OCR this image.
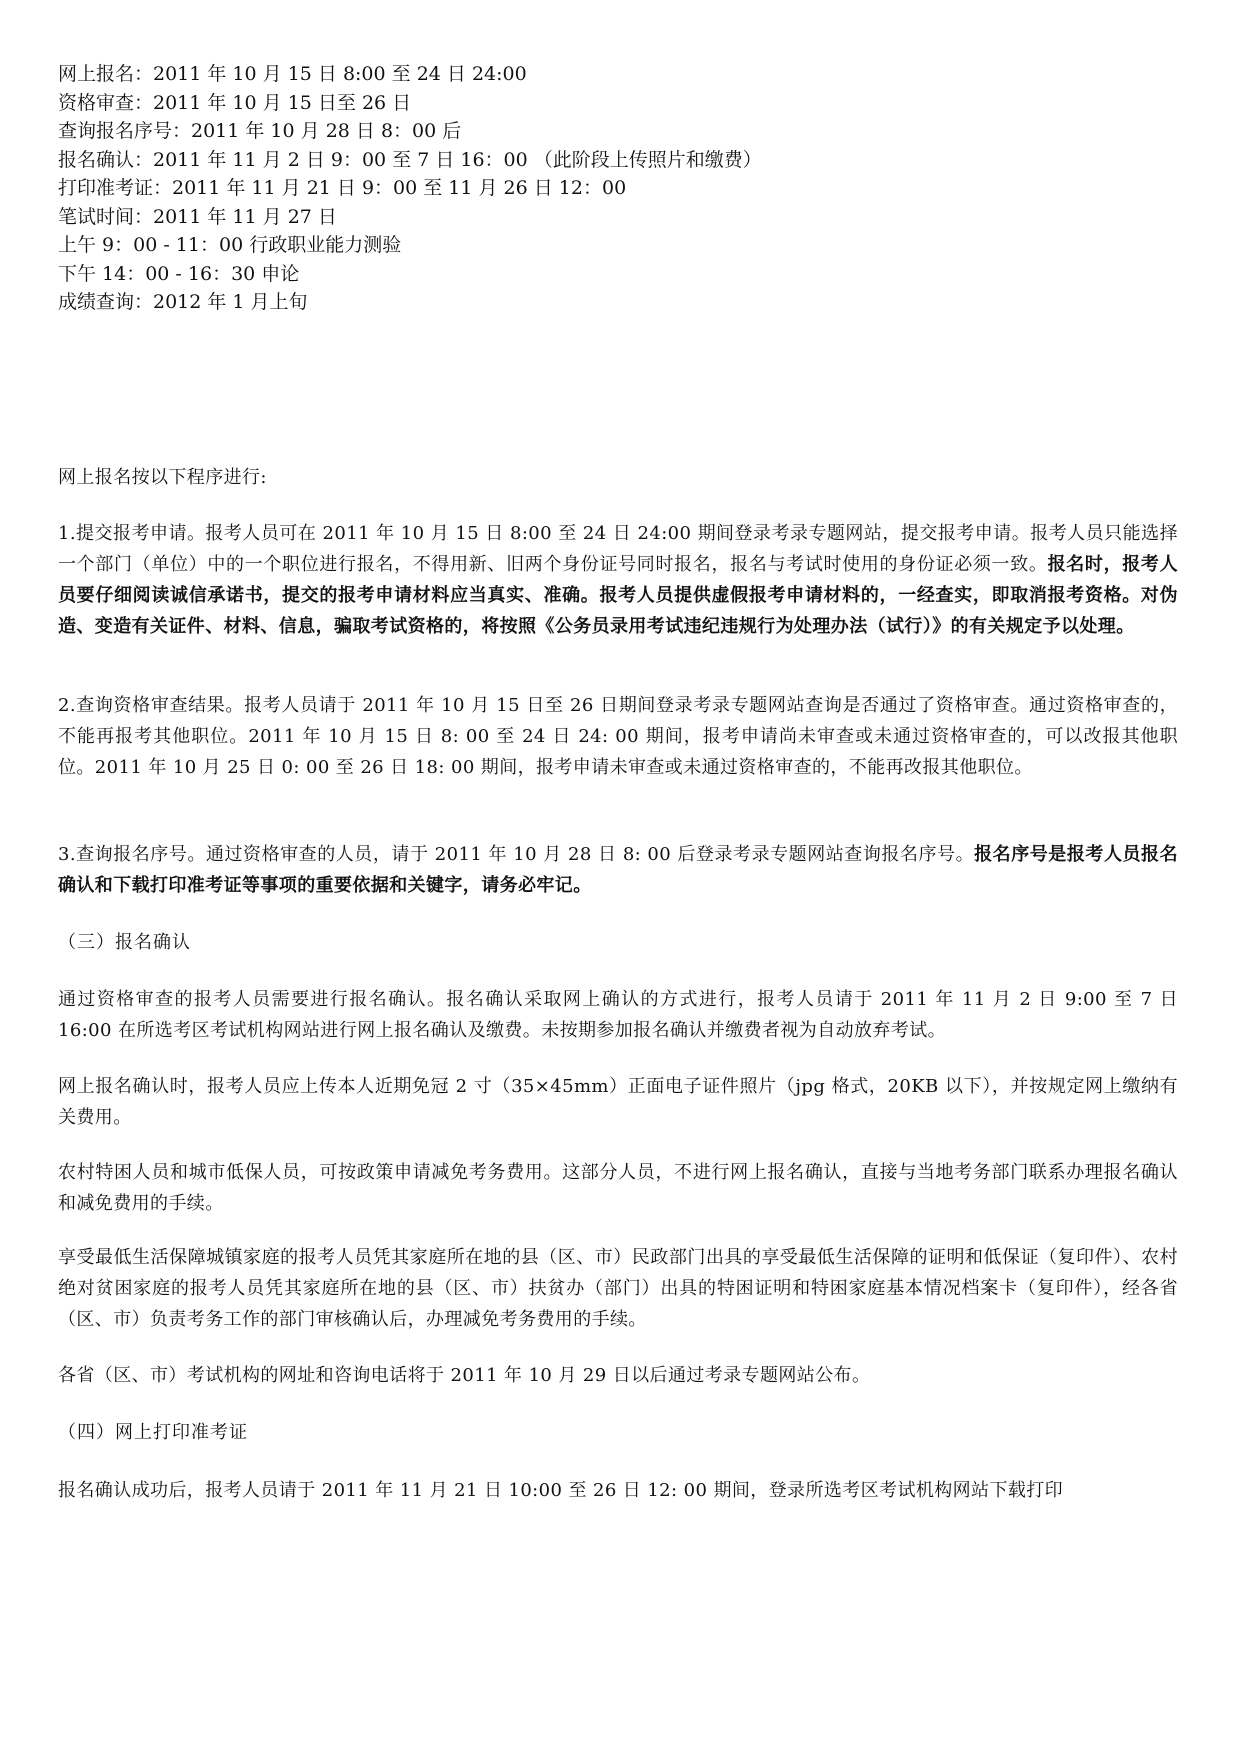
网上报名：2011 年 10 月 15 日 8:00 至 24 日 24:00
资格审查：2011 年 10 月 15 日至 26 日
查询报名序号：2011 年 10 月 28 日 8：00 后
报名确认：2011 年 11 月 2 日 9：00 至 7 日 16：00 （此阶段上传照片和缴费）
打印准考证：2011 年 11 月 21 日 9：00 至 11 月 26 日 12：00
笔试时间：2011 年 11 月 27 日
上午 9：00 - 11：00 行政职业能力测验
下午 14：00 - 16：30 申论
成绩查询：2012 年 1 月上旬
网上报名按以下程序进行:
1.提交报考申请。报考人员可在 2011 年 10 月 15 日 8:00 至 24 日 24:00 期间登录考录专题网站，提交报考申请。报考人员只能选择一个部门（单位）中的一个职位进行报名，不得用新、旧两个身份证号同时报名，报名与考试时使用的身份证必须一致。报名时，报考人员要仔细阅读诚信承诺书，提交的报考申请材料应当真实、准确。报考人员提供虚假报考申请材料的，一经查实，即取消报考资格。对伪造、变造有关证件、材料、信息，骗取考试资格的，将按照《公务员录用考试违纪违规行为处理办法（试行）》的有关规定予以处理。
2.查询资格审查结果。报考人员请于 2011 年 10 月 15 日至 26 日期间登录考录专题网站查询是否通过了资格审查。通过资格审查的，不能再报考其他职位。2011 年 10 月 15 日 8: 00 至 24 日 24: 00 期间，报考申请尚未审查或未通过资格审查的，可以改报其他职位。2011 年 10 月 25 日 0: 00 至 26 日 18: 00 期间，报考申请未审查或未通过资格审查的，不能再改报其他职位。
3.查询报名序号。通过资格审查的人员，请于 2011 年 10 月 28 日 8: 00 后登录考录专题网站查询报名序号。报名序号是报考人员报名确认和下载打印准考证等事项的重要依据和关键字，请务必牢记。
（三）报名确认
通过资格审查的报考人员需要进行报名确认。报名确认采取网上确认的方式进行，报考人员请于 2011 年 11 月 2 日 9:00 至 7 日 16:00 在所选考区考试机构网站进行网上报名确认及缴费。未按期参加报名确认并缴费者视为自动放弃考试。
网上报名确认时，报考人员应上传本人近期免冠 2 寸（35×45mm）正面电子证件照片（jpg 格式，20KB 以下），并按规定网上缴纳有关费用。
农村特困人员和城市低保人员，可按政策申请减免考务费用。这部分人员，不进行网上报名确认，直接与当地考务部门联系办理报名确认和减免费用的手续。
享受最低生活保障城镇家庭的报考人员凭其家庭所在地的县（区、市）民政部门出具的享受最低生活保障的证明和低保证（复印件）、农村绝对贫困家庭的报考人员凭其家庭所在地的县（区、市）扶贫办（部门）出具的特困证明和特困家庭基本情况档案卡（复印件），经各省（区、市）负责考务工作的部门审核确认后，办理减免考务费用的手续。
各省（区、市）考试机构的网址和咨询电话将于 2011 年 10 月 29 日以后通过考录专题网站公布。
（四）网上打印准考证
报名确认成功后，报考人员请于 2011 年 11 月 21 日 10:00 至 26 日 12: 00 期间，登录所选考区考试机构网站下载打印
